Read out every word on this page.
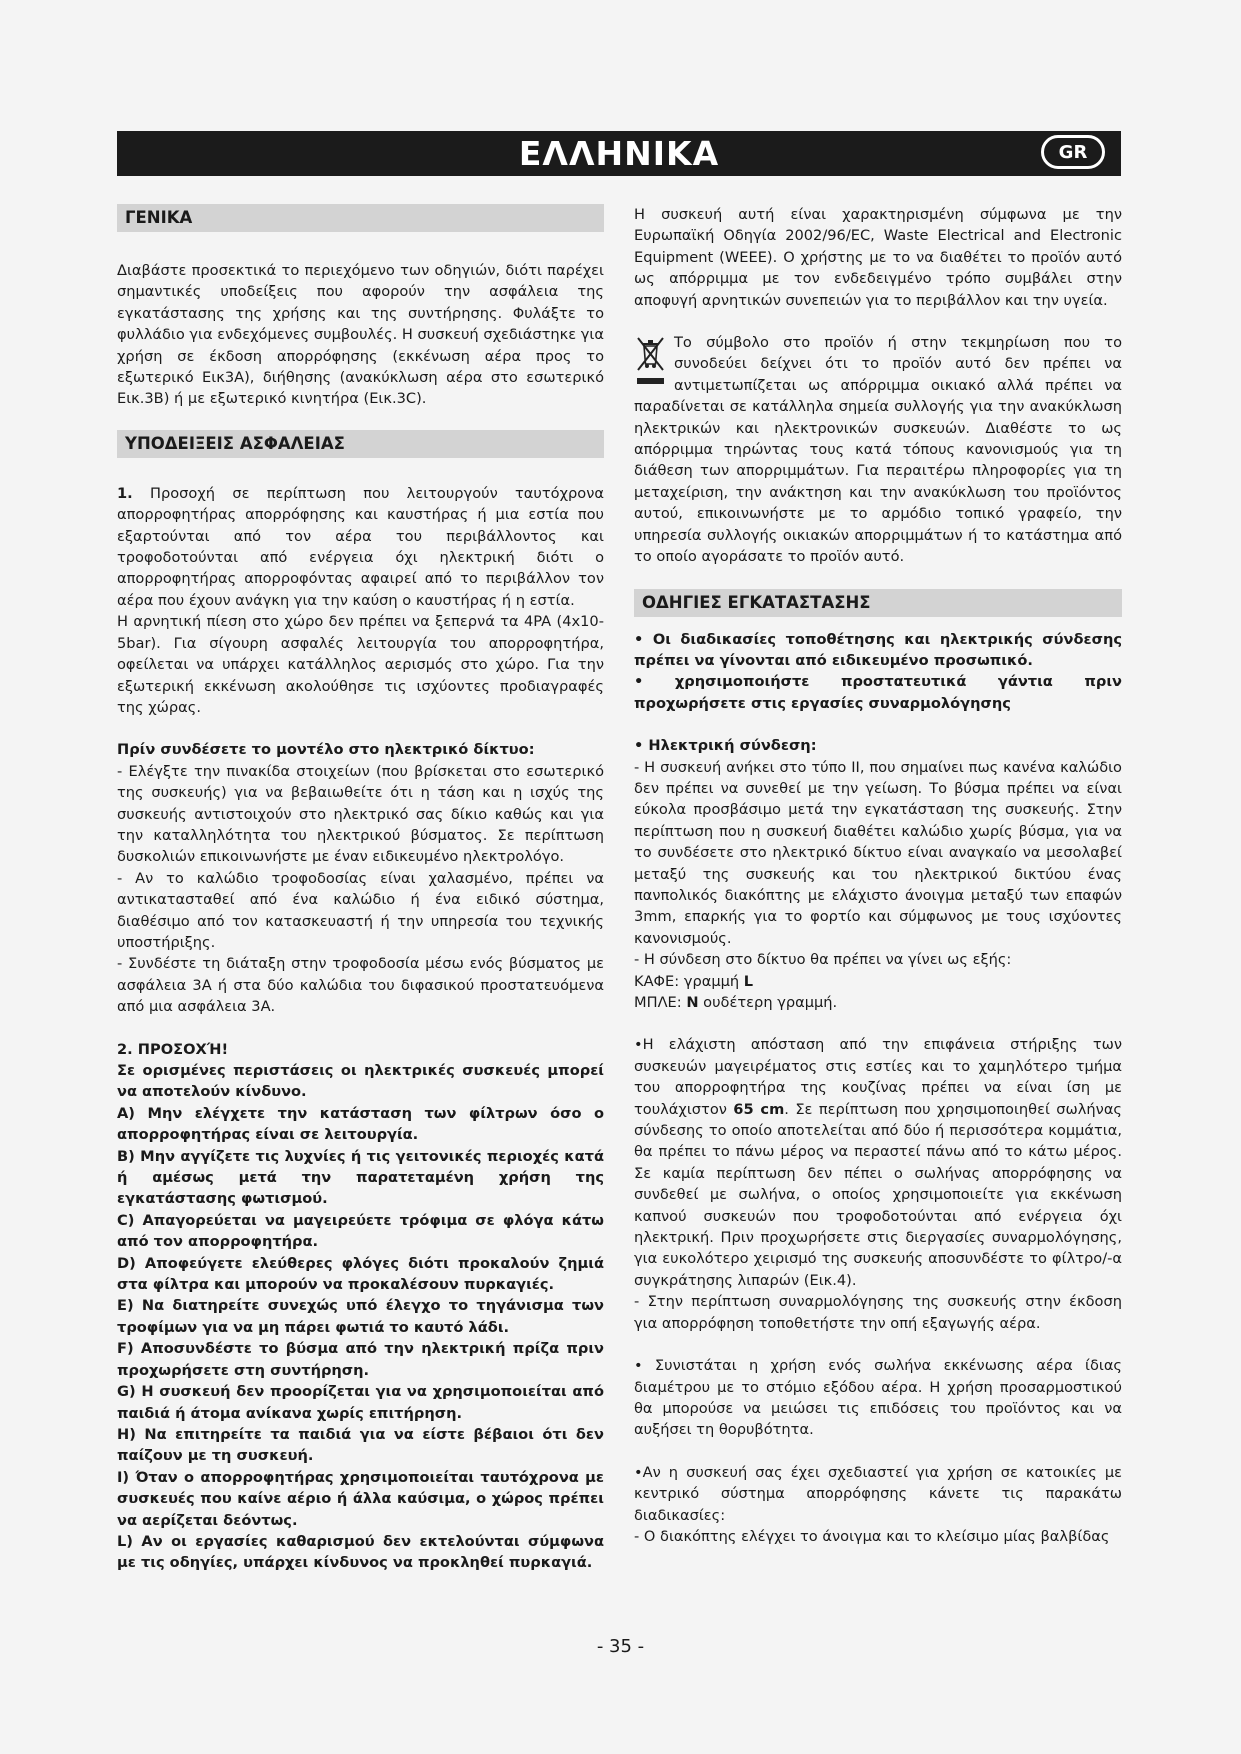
ΕΛΛΗΝΙΚΑ	GR
ΓΕΝΙΚΑ

Διαβάστε προσεκτικά το περιεχόμενο των οδηγιών, διότι παρέχει σημαντικές υποδείξεις που αφορούν την ασφάλεια της εγκατάστασης της χρήσης και της συντήρησης. Φυλάξτε το φυλλάδιο για ενδεχόμενες συμβουλές. Η συσκευή σχεδιάστηκε για χρήση σε έκδοση απορρόφησης (εκκένωση αέρα προς το εξωτερικό Εικ3Α), διήθησης (ανακύκλωση αέρα στο εσωτερικό Εικ.3Β) ή με εξωτερικό κινητήρα (Εικ.3C).

ΥΠΟΔΕΙΞΕΙΣ ΑΣΦΑΛΕΙΑΣ

1. Προσοχή σε περίπτωση που λειτουργούν ταυτόχρονα απορροφητήρας απορρόφησης και καυστήρας ή μια εστία που εξαρτούνται από τον αέρα του περιβάλλοντος και τροφοδοτούνται από ενέργεια όχι ηλεκτρική διότι ο απορροφητήρας απορροφόντας αφαιρεί από το περιβάλλον τον αέρα που έχουν ανάγκη για την καύση ο καυστήρας ή η εστία.

Η αρνητική πίεση στο χώρο δεν πρέπει να ξεπερνά τα 4PA (4x10-5bar). Για σίγουρη ασφαλές λειτουργία του απορροφητήρα, οφείλεται να υπάρχει κατάλληλος αερισμός στο χώρο. Για την εξωτερική εκκένωση ακολούθησε τις ισχύοντες προδιαγραφές της χώρας.

Πρίν συνδέσετε το μοντέλο στο ηλεκτρικό δίκτυο:

- Ελέγξτε την πινακίδα στοιχείων (που βρίσκεται στο εσωτερικό της συσκευής) για να βεβαιωθείτε ότι η τάση και η ισχύς της συσκευής αντιστοιχούν στο ηλεκτρικό σας δίκιο καθώς και για την καταλληλότητα του ηλεκτρικού βύσματος. Σε περίπτωση δυσκολιών επικοινωνήστε με έναν ειδικευμένο ηλεκτρολόγο.

- Αν το καλώδιο τροφοδοσίας είναι χαλασμένο, πρέπει να αντικατασταθεί από ένα καλώδιο ή ένα ειδικό σύστημα, διαθέσιμο από τον κατασκευαστή ή την υπηρεσία του τεχνικής υποστήριξης.

- Συνδέστε τη διάταξη στην τροφοδοσία μέσω ενός βύσματος με ασφάλεια 3Α ή στα δύο καλώδια του διφασικού προστατευόμενα από μια ασφάλεια 3Α.

2. ΠΡΟΣΟΧΉ!

Σε ορισμένες περιστάσεις οι ηλεκτρικές συσκευές μπορεί να αποτελούν κίνδυνο.

A) Μην ελέγχετε την κατάσταση των φίλτρων όσο ο απορροφητήρας είναι σε λειτουργία.

B) Μην αγγίζετε τις λυχνίες ή τις γειτονικές περιοχές κατά ή αμέσως μετά την παρατεταμένη χρήση της εγκατάστασης φωτισμού.

C) Απαγορεύεται να μαγειρεύετε τρόφιμα σε φλόγα κάτω από τον απορροφητήρα.

D) Αποφεύγετε ελεύθερες φλόγες διότι προκαλούν ζημιά στα φίλτρα και μπορούν να προκαλέσουν πυρκαγιές.

E) Να διατηρείτε συνεχώς υπό έλεγχο το τηγάνισμα των τροφίμων για να μη πάρει φωτιά το καυτό λάδι.

F) Αποσυνδέστε το βύσμα από την ηλεκτρική πρίζα πριν προχωρήσετε στη συντήρηση.

G) Η συσκευή δεν προορίζεται για να χρησιμοποιείται από παιδιά ή άτομα ανίκανα χωρίς επιτήρηση.

H) Να επιτηρείτε τα παιδιά για να είστε βέβαιοι ότι δεν παίζουν με τη συσκευή.

I) Όταν ο απορροφητήρας χρησιμοποιείται ταυτόχρονα με συσκευές που καίνε αέριο ή άλλα καύσιμα, ο χώρος πρέπει να αερίζεται δεόντως.

L) Αν οι εργασίες καθαρισμού δεν εκτελούνται σύμφωνα με τις οδηγίες, υπάρχει κίνδυνος να προκληθεί πυρκαγιά.

Η συσκευή αυτή είναι χαρακτηρισμένη σύμφωνα με την Ευρωπαϊκή Οδηγία 2002/96/EC, Waste Electrical and Electronic Equipment (WEEE). Ο χρήστης με το να διαθέτει το προϊόν αυτό ως απόρριμμα με τον ενδεδειγμένο τρόπο συμβάλει στην αποφυγή αρνητικών συνεπειών για το περιβάλλον και την υγεία.

Το σύμβολο στο προϊόν ή στην τεκμηρίωση που το συνοδεύει δείχνει ότι το προϊόν αυτό δεν πρέπει να αντιμετωπίζεται ως απόρριμμα οικιακό αλλά πρέπει να παραδίνεται σε κατάλληλα σημεία συλλογής για την ανακύκλωση ηλεκτρικών και ηλεκτρονικών συσκευών. Διαθέστε το ως απόρριμμα τηρώντας τους κατά τόπους κανονισμούς για τη διάθεση των απορριμμάτων. Για περαιτέρω πληροφορίες για τη μεταχείριση, την ανάκτηση και την ανακύκλωση του προϊόντος αυτού, επικοινωνήστε με το αρμόδιο τοπικό γραφείο, την υπηρεσία συλλογής οικιακών απορριμμάτων ή το κατάστημα από το οποίο αγοράσατε το προϊόν αυτό.

ΟΔΗΓΙΕΣ ΕΓΚΑΤΑΣΤΑΣΗΣ

• Οι διαδικασίες τοποθέτησης και ηλεκτρικής σύνδεσης πρέπει να γίνονται από ειδικευμένο προσωπικό.

• χρησιμοποιήστε προστατευτικά γάντια πριν προχωρήσετε στις εργασίες συναρμολόγησης

• Ηλεκτρική σύνδεση:

- Η συσκευή ανήκει στο τύπο ΙΙ, που σημαίνει πως κανένα καλώδιο δεν πρέπει να συνεθεί με την γείωση. Το βύσμα πρέπει να είναι εύκολα προσβάσιμο μετά την εγκατάσταση της συσκευής. Στην περίπτωση που η συσκευή διαθέτει καλώδιο χωρίς βύσμα, για να το συνδέσετε στο ηλεκτρικό δίκτυο είναι αναγκαίο να μεσολαβεί μεταξύ της συσκευής και του ηλεκτρικού δικτύου ένας πανπολικός διακόπτης με ελάχιστο άνοιγμα μεταξύ των επαφών 3mm, επαρκής για το φορτίο και σύμφωνος με τους ισχύοντες κανονισμούς.

- Η σύνδεση στο δίκτυο θα πρέπει να γίνει ως εξής:

ΚΑΦΕ: γραμμή L

ΜΠΛΕ: N ουδέτερη γραμμή.

•Η ελάχιστη απόσταση από την επιφάνεια στήριξης των συσκευών μαγειρέματος στις εστίες και το χαμηλότερο τμήμα του απορροφητήρα της κουζίνας πρέπει να είναι ίση με τουλάχιστον 65 cm. Σε περίπτωση που χρησιμοποιηθεί σωλήνας σύνδεσης το οποίο αποτελείται από δύο ή περισσότερα κομμάτια, θα πρέπει το πάνω μέρος να περαστεί πάνω από το κάτω μέρος. Σε καμία περίπτωση δεν πέπει ο σωλήνας απορρόφησης να συνδεθεί με σωλήνα, ο οποίος χρησιμοποιείτε για εκκένωση καπνού συσκευών που τροφοδοτούνται από ενέργεια όχι ηλεκτρική. Πριν προχωρήσετε στις διεργασίες συναρμολόγησης, για ευκολότερο χειρισμό της συσκευής αποσυνδέστε το φίλτρο/-α συγκράτησης λιπαρών (Εικ.4).

- Στην περίπτωση συναρμολόγησης της συσκευής στην έκδοση για απορρόφηση τοποθετήστε την οπή εξαγωγής αέρα.

• Συνιστάται η χρήση ενός σωλήνα εκκένωσης αέρα ίδιας διαμέτρου με το στόμιο εξόδου αέρα. Η χρήση προσαρμοστικού θα μπορούσε να μειώσει τις επιδόσεις του προϊόντος και να αυξήσει τη θορυβότητα.

•Αν η συσκευή σας έχει σχεδιαστεί για χρήση σε κατοικίες με κεντρικό σύστημα απορρόφησης κάνετε τις παρακάτω διαδικασίες:

- Ο διακόπτης ελέγχει το άνοιγμα και το κλείσιμο μίας βαλβίδας

- 35 -
